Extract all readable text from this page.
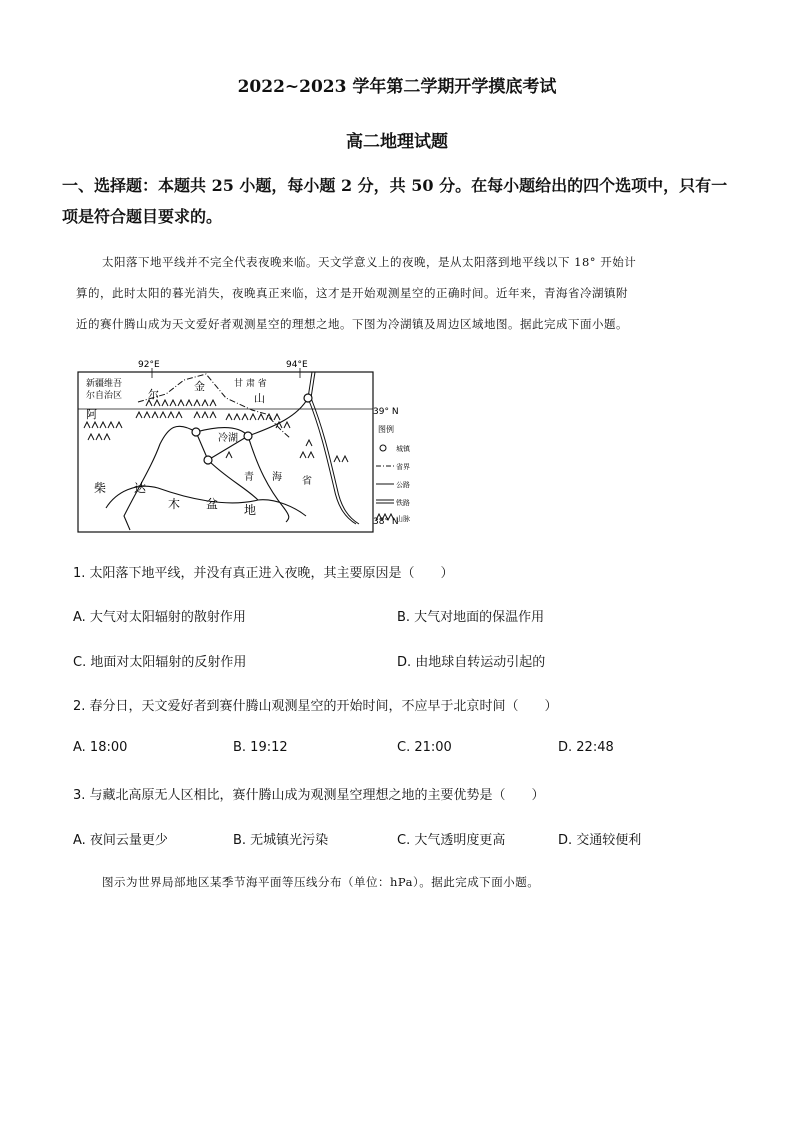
2022~2023 学年第二学期开学摸底考试
高二地理试题
一、选择题：本题共 25 小题，每小题 2 分，共 50 分。在每小题给出的四个选项中，只有一
项是符合题目要求的。

太阳落下地平线并不完全代表夜晚来临。天文学意义上的夜晚，是从太阳落到地平线以下 18° 开始计

算的，此时太阳的暮光消失，夜晚真正来临，这才是开始观测星空的正确时间。近年来，青海省冷湖镇附

近的赛什腾山成为天文爱好者观测星空的理想之地。下图为冷湖镇及周边区域地图。据此完成下面小题。

92°E	94°E
39° N
38° N
新疆维吾
尔自治区
甘 肃 省
阿
尔
金
山
冷湖
柴 达
木 盆 地
青 海 省
图例
城镇
省界
公路
铁路
山脉
1. 太阳落下地平线，并没有真正进入夜晚，其主要原因是（　　）
A. 大气对太阳辐射的散射作用	B. 大气对地面的保温作用
C. 地面对太阳辐射的反射作用	D. 由地球自转运动引起的
2. 春分日，天文爱好者到赛什腾山观测星空的开始时间，不应早于北京时间（　　）
A. 18:00	B. 19:12	C. 21:00	D. 22:48
3. 与藏北高原无人区相比，赛什腾山成为观测星空理想之地的主要优势是（　　）
A. 夜间云量更少	B. 无城镇光污染	C. 大气透明度更高	D. 交通较便利
图示为世界局部地区某季节海平面等压线分布（单位：hPa）。据此完成下面小题。
